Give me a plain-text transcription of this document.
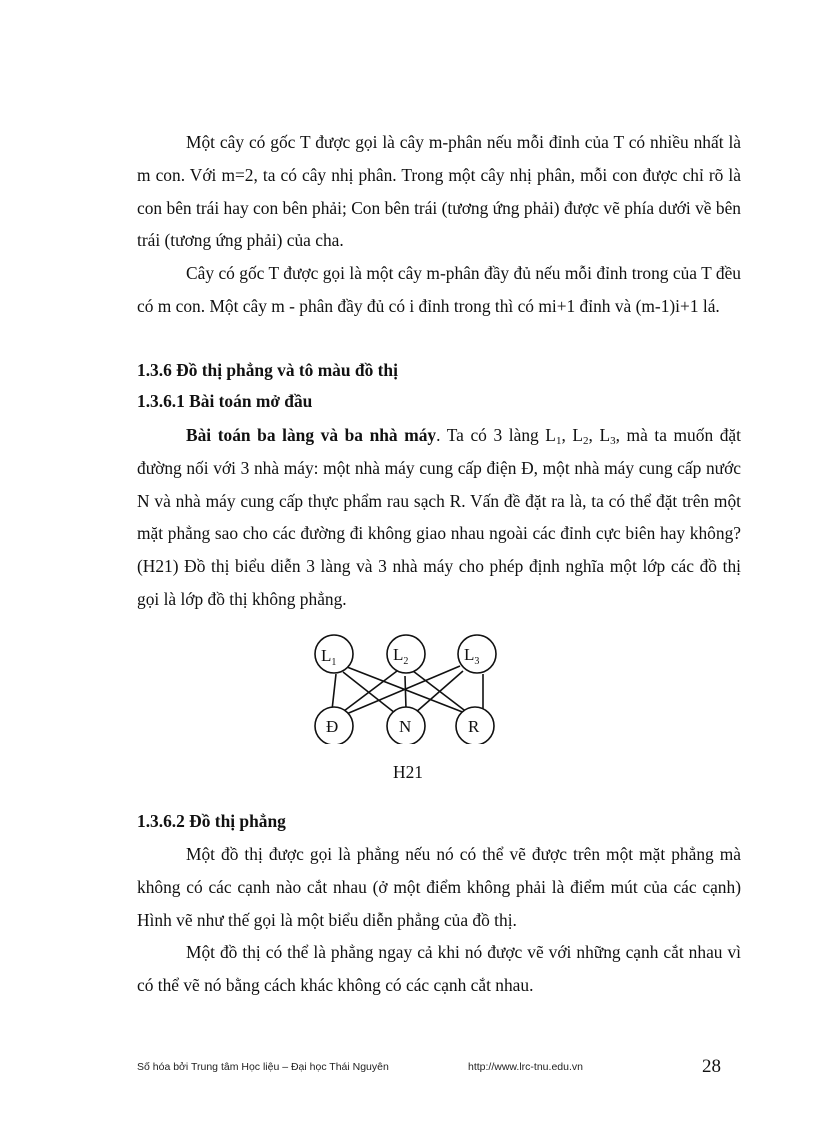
Một cây có gốc T được gọi là cây m-phân nếu mỗi đỉnh của T có nhiều nhất là m con. Với m=2, ta có cây nhị phân. Trong một cây nhị phân, mỗi con được chỉ rõ là con bên trái hay con bên phải; Con bên trái (tương ứng phải) được vẽ phía dưới về bên trái (tương ứng phải) của cha.

Cây có gốc T được gọi là một cây m-phân đầy đủ nếu mỗi đỉnh trong của T đều có m con. Một cây m - phân đầy đủ có i đỉnh trong thì có mi+1 đỉnh và (m-1)i+1 lá.

1.3.6 Đồ thị phẳng và tô màu đồ thị
1.3.6.1 Bài toán mở đầu

Bài toán ba làng và ba nhà máy. Ta có 3 làng $L_1$, $L_2$, $L_3$, mà ta muốn đặt đường nối với 3 nhà máy: một nhà máy cung cấp điện Đ, một nhà máy cung cấp nước N và nhà máy cung cấp thực phẩm rau sạch R. Vấn đề đặt ra là, ta có thể đặt trên một mặt phẳng sao cho các đường đi không giao nhau ngoài các đỉnh cực biên hay không? (H21) Đồ thị biểu diễn 3 làng và 3 nhà máy cho phép định nghĩa một lớp các đồ thị gọi là lớp đồ thị không phẳng.

$L_1$	$L_2$	$L_3$
Đ	N	R
H21
1.3.6.2 Đồ thị phẳng

Một đồ thị được gọi là phẳng nếu nó có thể vẽ được trên một mặt phẳng mà không có các cạnh nào cắt nhau (ở một điểm không phải là điểm mút của các cạnh) Hình vẽ như thế gọi là một biểu diễn phẳng của đồ thị.

Một đồ thị có thể là phẳng ngay cả khi nó được vẽ với những cạnh cắt nhau vì có thể vẽ nó bằng cách khác không có các cạnh cắt nhau.

Số hóa bởi Trung tâm Học liệu – Đại học Thái Nguyên	http://www.lrc-tnu.edu.vn	28
